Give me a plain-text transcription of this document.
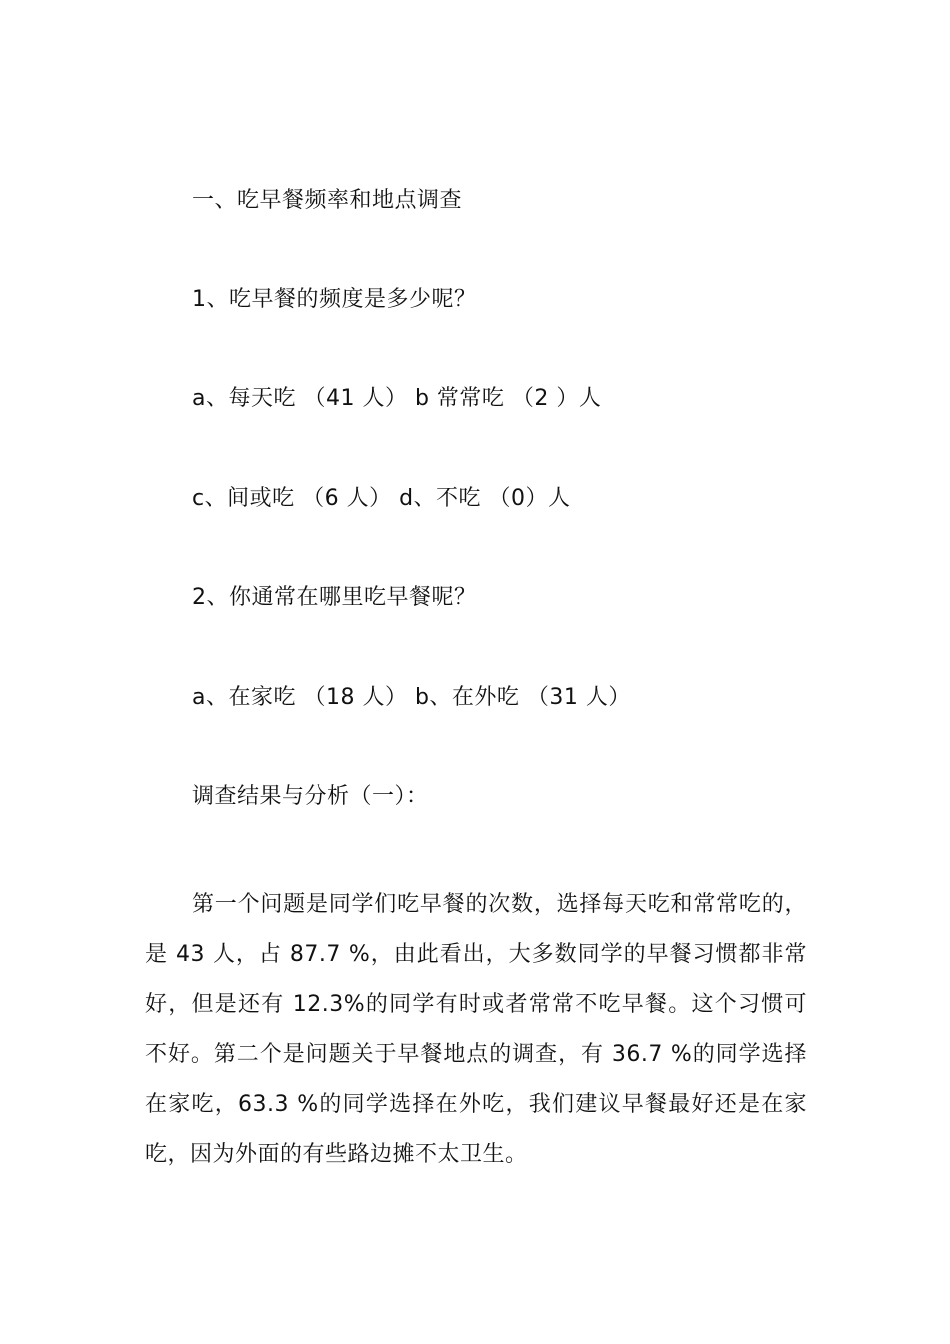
一、吃早餐频率和地点调查
1、吃早餐的频度是多少呢？
a、每天吃 （41 人） b 常常吃 （2 ）人
c、间或吃 （6 人） d、不吃 （0）人
2、你通常在哪里吃早餐呢？
a、在家吃 （18 人） b、在外吃 （31 人）
调查结果与分析（一）：

第一个问题是同学们吃早餐的次数，选择每天吃和常常吃的，是 43 人，占 87.7 %，由此看出，大多数同学的早餐习惯都非常好，但是还有 12.3%的同学有时或者常常不吃早餐。这个习惯可不好。第二个是问题关于早餐地点的调查，有 36.7 %的同学选择在家吃，63.3 %的同学选择在外吃，我们建议早餐最好还是在家吃，因为外面的有些路边摊不太卫生。
